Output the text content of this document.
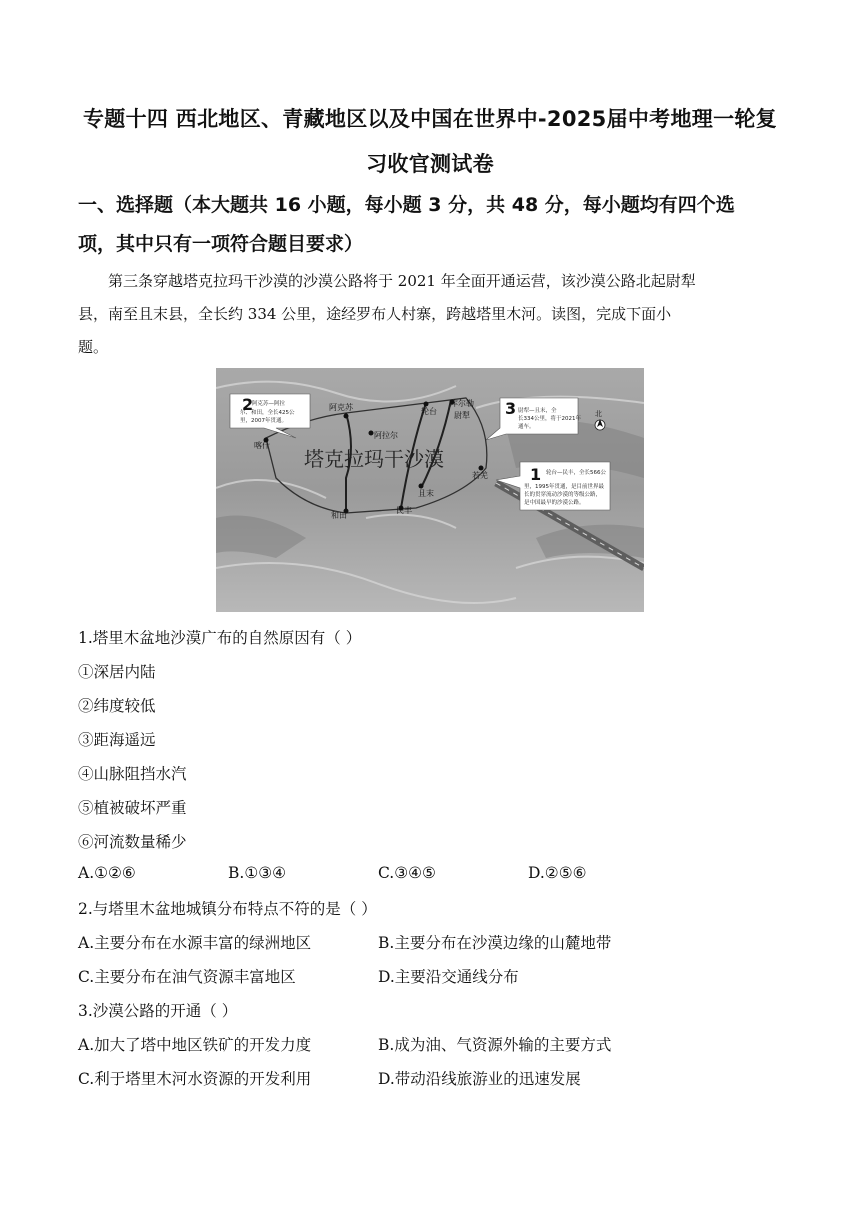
专题十四 西北地区、青藏地区以及中国在世界中-2025届中考地理一轮复
习收官测试卷
一、选择题（本大题共 16 小题，每小题 3 分，共 48 分，每小题均有四个选
项，其中只有一项符合题目要求）
第三条穿越塔克拉玛干沙漠的沙漠公路将于 2021 年全面开通运营，该沙漠公路北起尉犁
县，南至且末县，全长约 334 公里，途经罗布人村寨，跨越塔里木河。读图，完成下面小
题。
塔克拉玛干沙漠
喀什
阿克苏
阿拉尔
轮台 尉犁
库尔勒
和田
民丰
且末
若羌
2
阿克苏—阿拉
尔、和田，全长425公
里，2007年贯通。
3 尉犁—且末，全
长334公里，将于2021年
通车。
1 轮台—民丰，全长566公
里，1995年贯通，是目前世界最
长的贯穿流动沙漠的等级公路，
是中国最早的沙漠公路。
北
1.塔里木盆地沙漠广布的自然原因有（ ）
①深居内陆
②纬度较低
③距海遥远
④山脉阻挡水汽
⑤植被破坏严重
⑥河流数量稀少
A.①②⑥	B.①③④	C.③④⑤	D.②⑤⑥
2.与塔里木盆地城镇分布特点不符的是（ ）
A.主要分布在水源丰富的绿洲地区	B.主要分布在沙漠边缘的山麓地带
C.主要分布在油气资源丰富地区	D.主要沿交通线分布
3.沙漠公路的开通（ ）
A.加大了塔中地区铁矿的开发力度	B.成为油、气资源外输的主要方式
C.利于塔里木河水资源的开发利用	D.带动沿线旅游业的迅速发展
